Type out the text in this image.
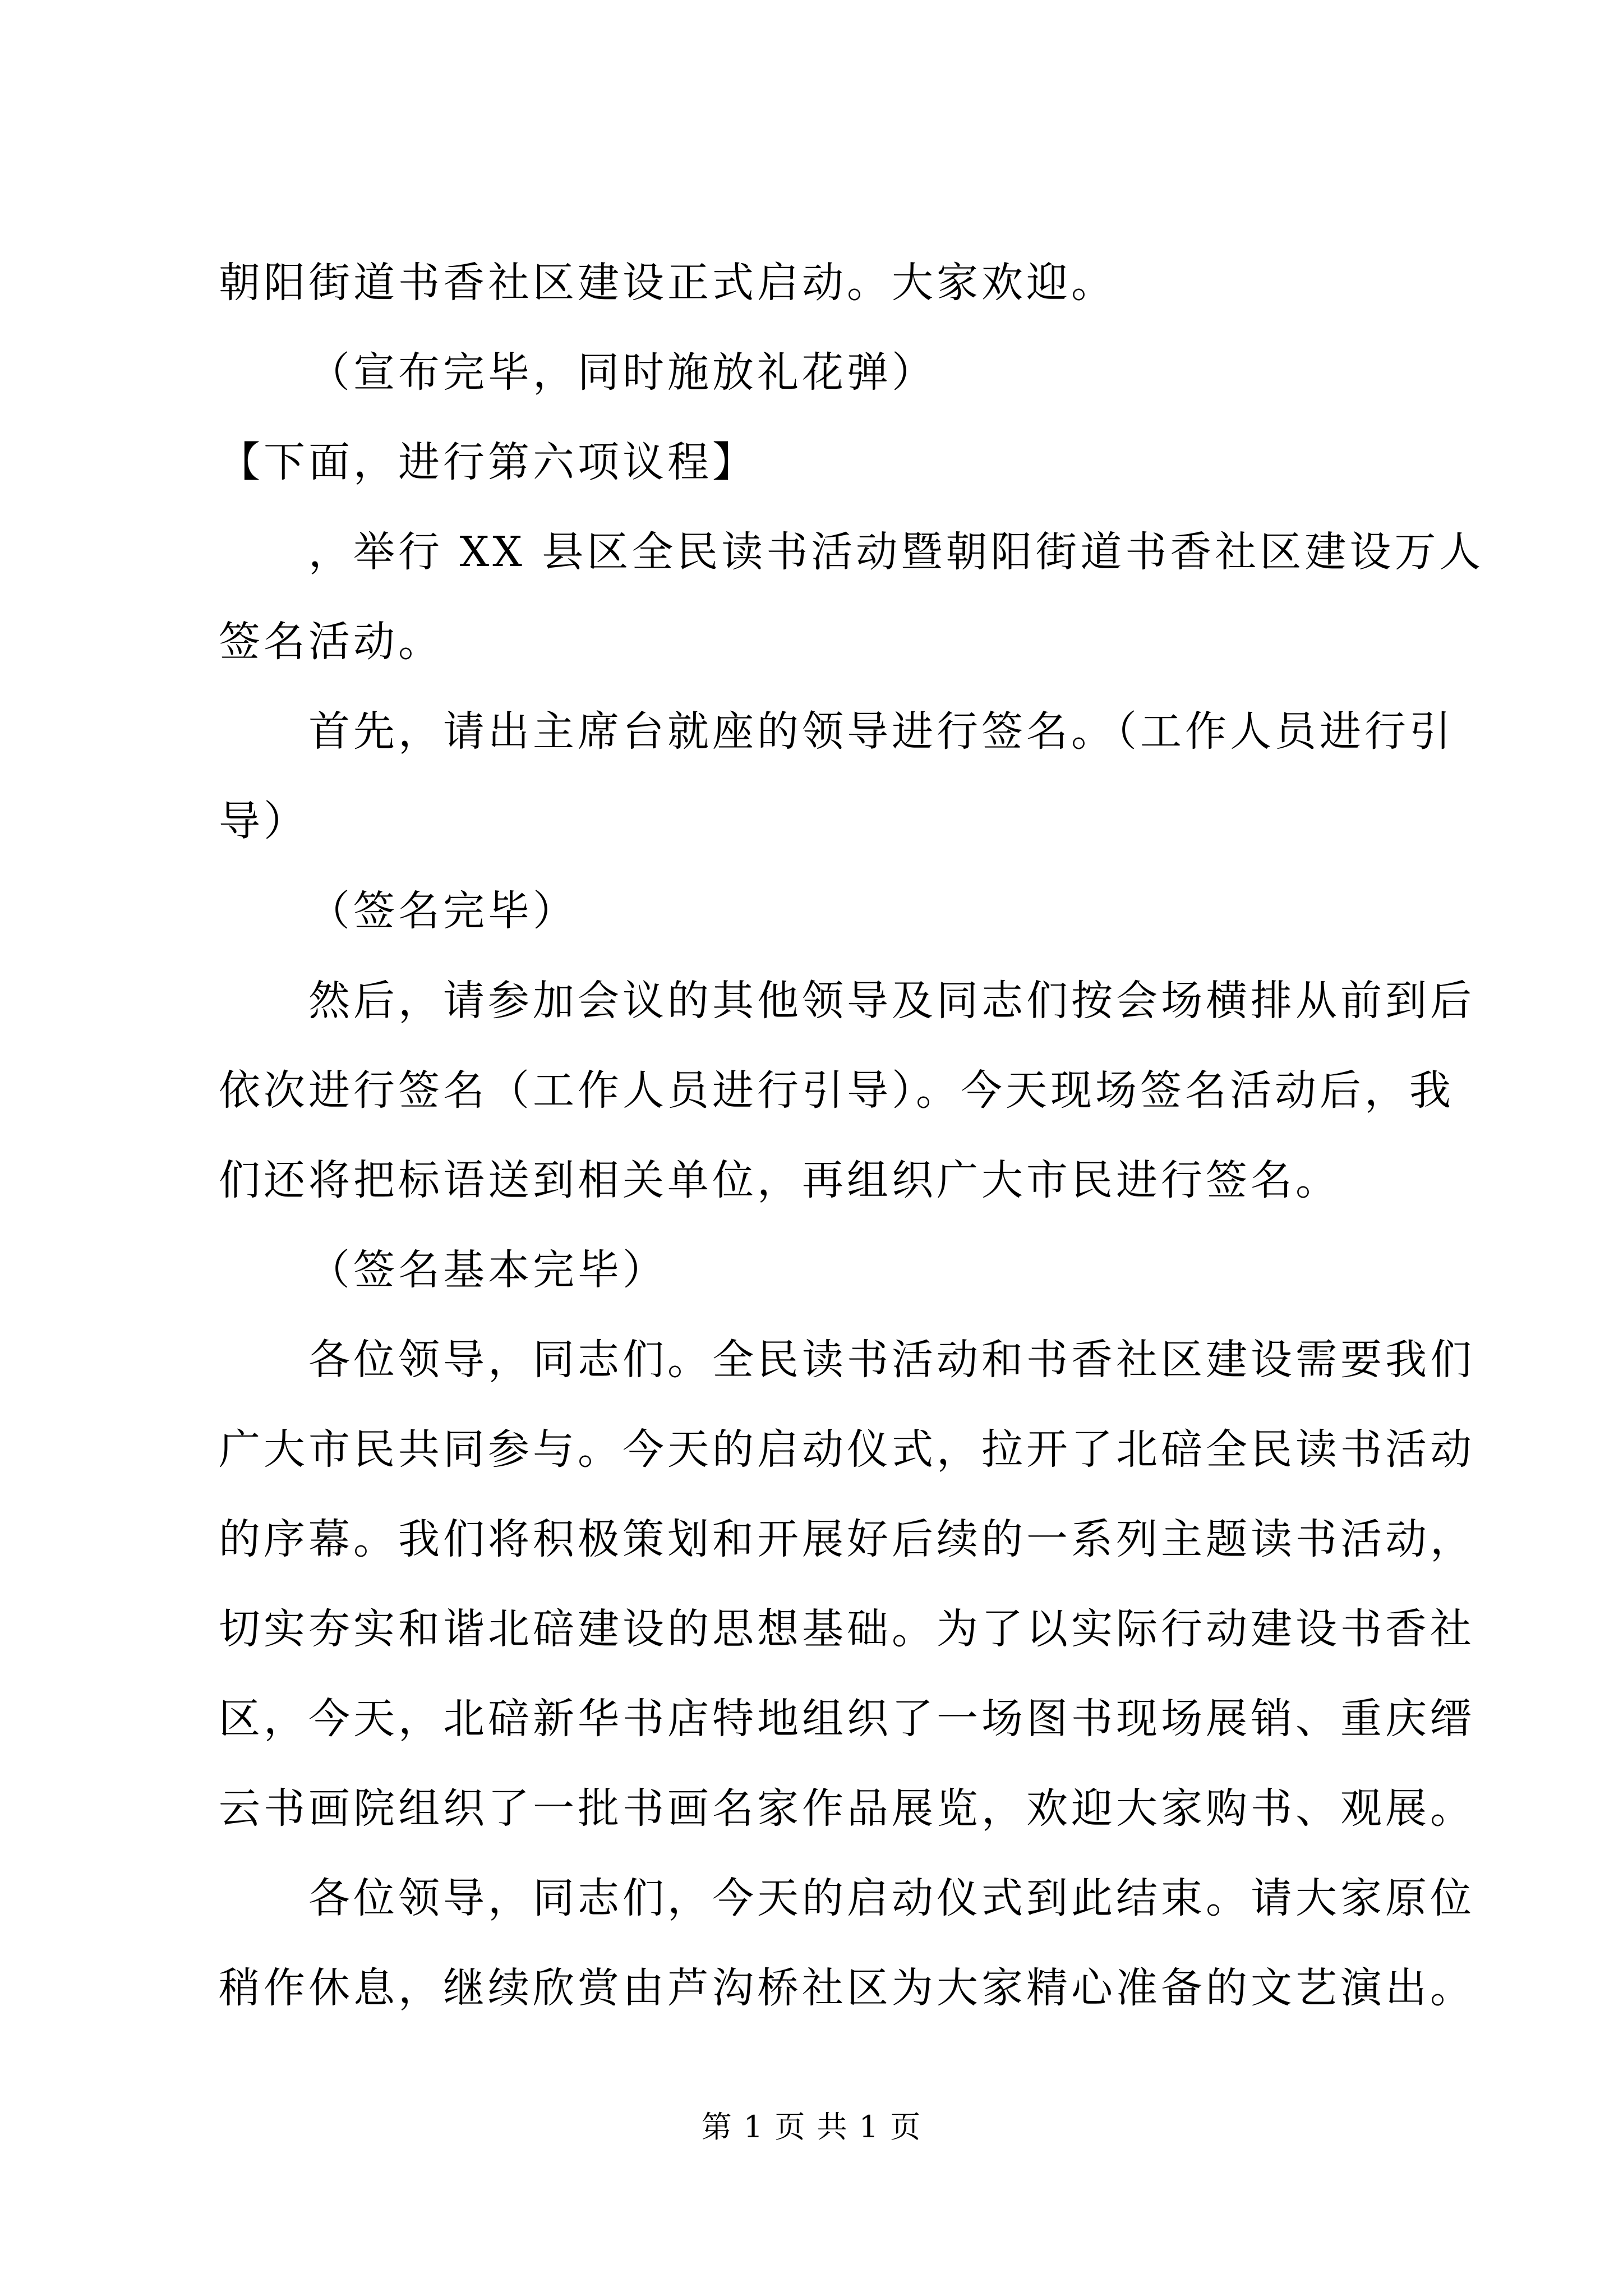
朝阳街道书香社区建设正式启动。大家欢迎。
（宣布完毕，同时施放礼花弹）
【下面，进行第六项议程】
，举行 XX 县区全民读书活动暨朝阳街道书香社区建设万人
签名活动。
首先，请出主席台就座的领导进行签名。（工作人员进行引
导）
（签名完毕）
然后，请参加会议的其他领导及同志们按会场横排从前到后
依次进行签名（工作人员进行引导）。今天现场签名活动后，我
们还将把标语送到相关单位，再组织广大市民进行签名。
（签名基本完毕）
各位领导，同志们。全民读书活动和书香社区建设需要我们
广大市民共同参与。今天的启动仪式，拉开了北碚全民读书活动
的序幕。我们将积极策划和开展好后续的一系列主题读书活动，
切实夯实和谐北碚建设的思想基础。为了以实际行动建设书香社
区，今天，北碚新华书店特地组织了一场图书现场展销、重庆缙
云书画院组织了一批书画名家作品展览，欢迎大家购书、观展。
各位领导，同志们，今天的启动仪式到此结束。请大家原位
稍作休息，继续欣赏由芦沟桥社区为大家精心准备的文艺演出。
第 1 页 共 1 页
